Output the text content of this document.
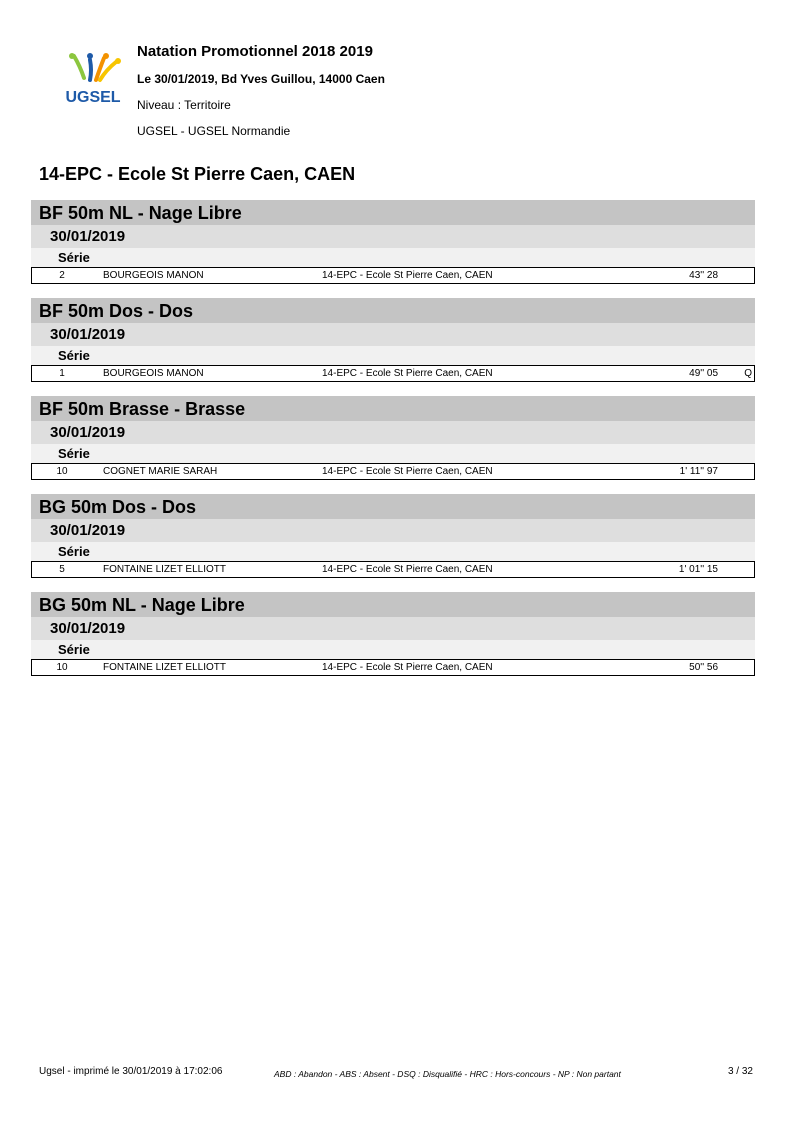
UGSEL
Natation Promotionnel 2018 2019
Le 30/01/2019, Bd Yves Guillou, 14000 Caen
Niveau : Territoire
UGSEL - UGSEL Normandie
14-EPC - Ecole St Pierre Caen, CAEN
BF 50m NL - Nage Libre
30/01/2019
Série
2	BOURGEOIS MANON	14-EPC - Ecole St Pierre Caen, CAEN	43'' 28
BF 50m Dos - Dos
30/01/2019
Série
1	BOURGEOIS MANON	14-EPC - Ecole St Pierre Caen, CAEN	49'' 05	Q
BF 50m Brasse - Brasse
30/01/2019
Série
10	COGNET MARIE SARAH	14-EPC - Ecole St Pierre Caen, CAEN	1' 11'' 97
BG 50m Dos - Dos
30/01/2019
Série
5	FONTAINE LIZET ELLIOTT	14-EPC - Ecole St Pierre Caen, CAEN	1' 01'' 15
BG 50m NL - Nage Libre
30/01/2019
Série
10	FONTAINE LIZET ELLIOTT	14-EPC - Ecole St Pierre Caen, CAEN	50'' 56
Ugsel - imprimé le 30/01/2019 à 17:02:06	ABD : Abandon - ABS : Absent - DSQ : Disqualifié - HRC : Hors-concours - NP : Non partant	3 / 32
